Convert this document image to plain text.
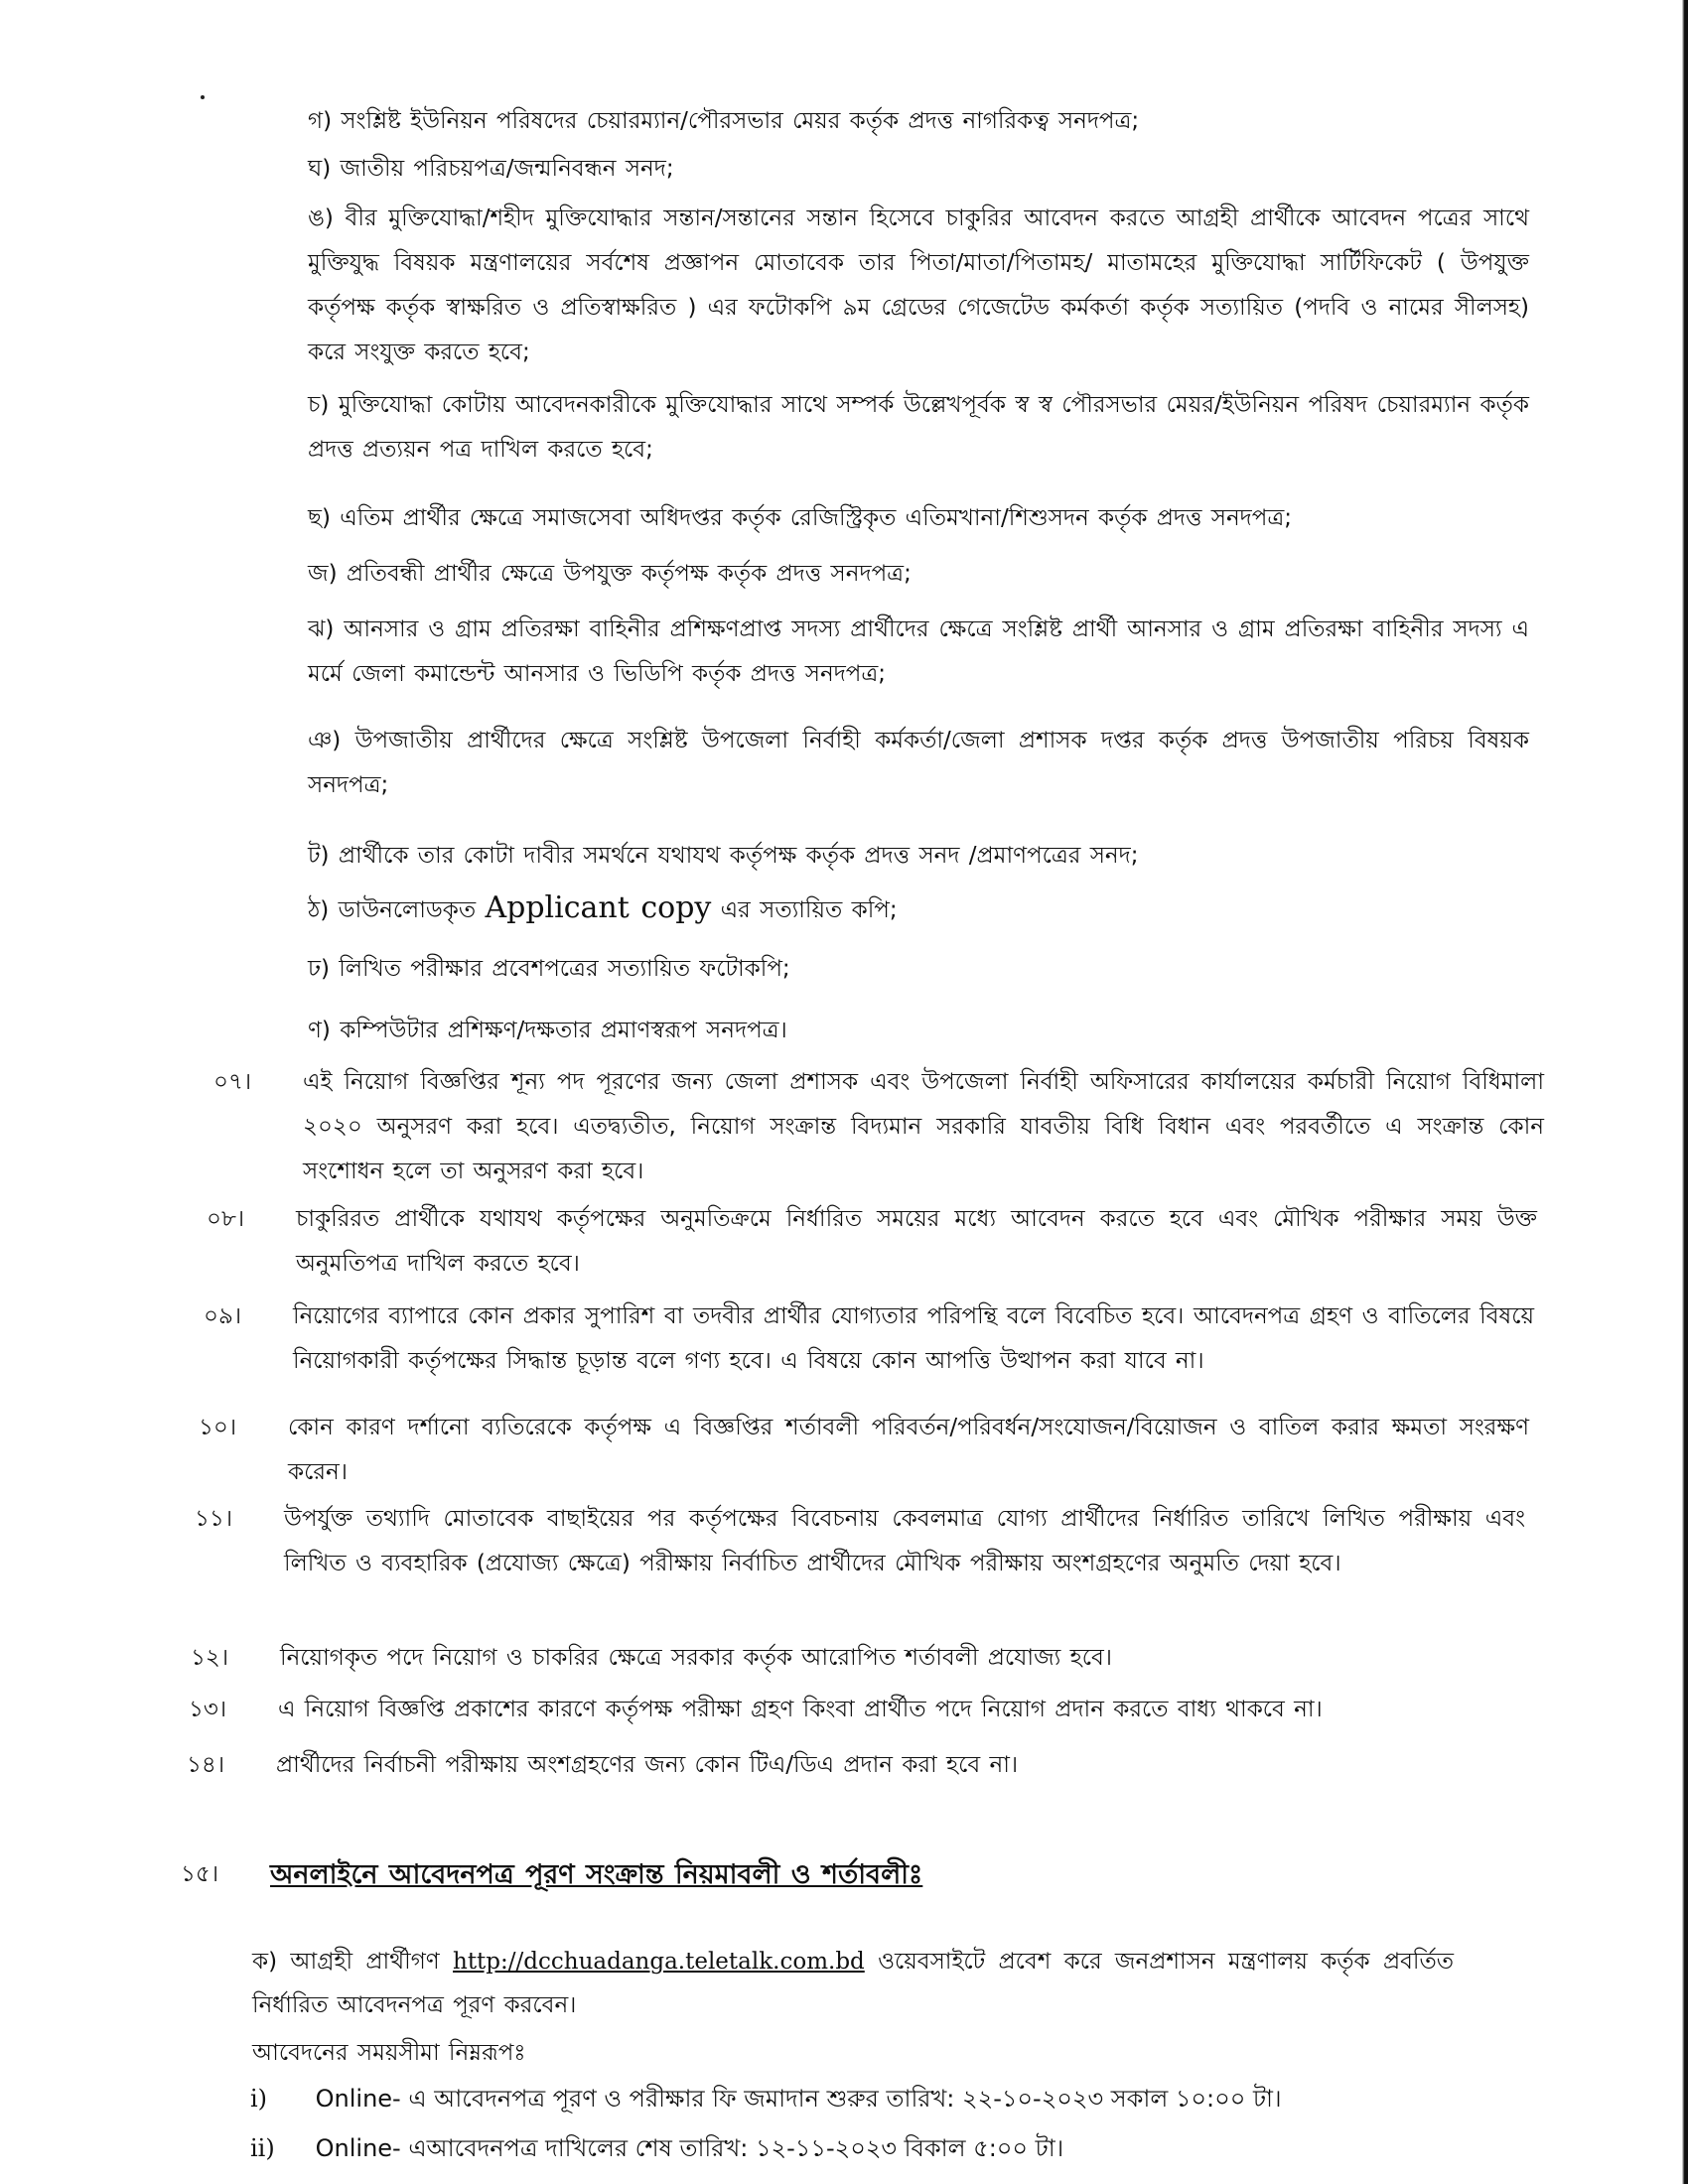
গ) সংশ্লিষ্ট ইউনিয়ন পরিষদের চেয়ারম্যান/পৌরসভার মেয়র কর্তৃক প্রদত্ত নাগরিকত্ব সনদপত্র;
ঘ) জাতীয় পরিচয়পত্র/জন্মনিবন্ধন সনদ;
ঙ) বীর মুক্তিযোদ্ধা/শহীদ মুক্তিযোদ্ধার সন্তান/সন্তানের সন্তান হিসেবে চাকুরির আবেদন করতে আগ্রহী প্রার্থীকে আবেদন পত্রের সাথে মুক্তিযুদ্ধ বিষয়ক মন্ত্রণালয়ের সর্বশেষ প্রজ্ঞাপন মোতাবেক তার পিতা/মাতা/পিতামহ/ মাতামহের মুক্তিযোদ্ধা সার্টিফিকেট ( উপযুক্ত কর্তৃপক্ষ কর্তৃক স্বাক্ষরিত ও প্রতিস্বাক্ষরিত ) এর ফটোকপি ৯ম গ্রেডের গেজেটেড কর্মকর্তা কর্তৃক সত্যায়িত (পদবি ও নামের সীলসহ) করে সংযুক্ত করতে হবে;
চ) মুক্তিযোদ্ধা কোটায় আবেদনকারীকে মুক্তিযোদ্ধার সাথে সম্পর্ক উল্লেখপূর্বক স্ব স্ব পৌরসভার মেয়র/ইউনিয়ন পরিষদ চেয়ারম্যান কর্তৃক প্রদত্ত প্রত্যয়ন পত্র দাখিল করতে হবে;
ছ) এতিম প্রার্থীর ক্ষেত্রে সমাজসেবা অধিদপ্তর কর্তৃক রেজিস্ট্রিকৃত এতিমখানা/শিশুসদন কর্তৃক প্রদত্ত সনদপত্র;
জ) প্রতিবন্ধী প্রার্থীর ক্ষেত্রে উপযুক্ত কর্তৃপক্ষ কর্তৃক প্রদত্ত সনদপত্র;
ঝ) আনসার ও গ্রাম প্রতিরক্ষা বাহিনীর প্রশিক্ষণপ্রাপ্ত সদস্য প্রার্থীদের ক্ষেত্রে সংশ্লিষ্ট প্রার্থী আনসার ও গ্রাম প্রতিরক্ষা বাহিনীর সদস্য এ মর্মে জেলা কমান্ডেন্ট আনসার ও ভিডিপি কর্তৃক প্রদত্ত সনদপত্র;
ঞ) উপজাতীয় প্রার্থীদের ক্ষেত্রে সংশ্লিষ্ট উপজেলা নির্বাহী কর্মকর্তা/জেলা প্রশাসক দপ্তর কর্তৃক প্রদত্ত উপজাতীয় পরিচয় বিষয়ক সনদপত্র;
ট) প্রার্থীকে তার কোটা দাবীর সমর্থনে যথাযথ কর্তৃপক্ষ কর্তৃক প্রদত্ত সনদ /প্রমাণপত্রের সনদ;
ঠ) ডাউনলোডকৃত Applicant copy এর সত্যায়িত কপি;
ঢ) লিখিত পরীক্ষার প্রবেশপত্রের সত্যায়িত ফটোকপি;
ণ) কম্পিউটার প্রশিক্ষণ/দক্ষতার প্রমাণস্বরূপ সনদপত্র।
০৭।	এই নিয়োগ বিজ্ঞপ্তির শূন্য পদ পূরণের জন্য জেলা প্রশাসক এবং উপজেলা নির্বাহী অফিসারের কার্যালয়ের কর্মচারী নিয়োগ বিধিমালা ২০২০ অনুসরণ করা হবে। এতদ্ব্যতীত, নিয়োগ সংক্রান্ত বিদ্যমান সরকারি যাবতীয় বিধি বিধান এবং পরবর্তীতে এ সংক্রান্ত কোন সংশোধন হলে তা অনুসরণ করা হবে।
০৮।	চাকুরিরত প্রার্থীকে যথাযথ কর্তৃপক্ষের অনুমতিক্রমে নির্ধারিত সময়ের মধ্যে আবেদন করতে হবে এবং মৌখিক পরীক্ষার সময় উক্ত অনুমতিপত্র দাখিল করতে হবে।
০৯।	নিয়োগের ব্যাপারে কোন প্রকার সুপারিশ বা তদবীর প্রার্থীর যোগ্যতার পরিপন্থি বলে বিবেচিত হবে। আবেদনপত্র গ্রহণ ও বাতিলের বিষয়ে নিয়োগকারী কর্তৃপক্ষের সিদ্ধান্ত চূড়ান্ত বলে গণ্য হবে। এ বিষয়ে কোন আপত্তি উত্থাপন করা যাবে না।
১০।	কোন কারণ দর্শানো ব্যতিরেকে কর্তৃপক্ষ এ বিজ্ঞপ্তির শর্তাবলী পরিবর্তন/পরিবর্ধন/সংযোজন/বিয়োজন ও বাতিল করার ক্ষমতা সংরক্ষণ করেন।
১১।	উপর্যুক্ত তথ্যাদি মোতাবেক বাছাইয়ের পর কর্তৃপক্ষের বিবেচনায় কেবলমাত্র যোগ্য প্রার্থীদের নির্ধারিত তারিখে লিখিত পরীক্ষায় এবং লিখিত ও ব্যবহারিক (প্রযোজ্য ক্ষেত্রে) পরীক্ষায় নির্বাচিত প্রার্থীদের মৌখিক পরীক্ষায় অংশগ্রহণের অনুমতি দেয়া হবে।
১২।	নিয়োগকৃত পদে নিয়োগ ও চাকরির ক্ষেত্রে সরকার কর্তৃক আরোপিত শর্তাবলী প্রযোজ্য হবে।
১৩।	এ নিয়োগ বিজ্ঞপ্তি প্রকাশের কারণে কর্তৃপক্ষ পরীক্ষা গ্রহণ কিংবা প্রার্থীত পদে নিয়োগ প্রদান করতে বাধ্য থাকবে না।
১৪।	প্রার্থীদের নির্বাচনী পরীক্ষায় অংশগ্রহণের জন্য কোন টিএ/ডিএ প্রদান করা হবে না।
১৫।	অনলাইনে আবেদনপত্র পূরণ সংক্রান্ত নিয়মাবলী ও শর্তাবলীঃ
ক) আগ্রহী প্রার্থীগণ http://dcchuadanga.teletalk.com.bd ওয়েবসাইটে প্রবেশ করে জনপ্রশাসন মন্ত্রণালয় কর্তৃক প্রবর্তিত নির্ধারিত আবেদনপত্র পূরণ করবেন।
আবেদনের সময়সীমা নিম্নরূপঃ
i) Online- এ আবেদনপত্র পূরণ ও পরীক্ষার ফি জমাদান শুরুর তারিখ: ২২-১০-২০২৩ সকাল ১০:০০ টা।
ii) Online- এআবেদনপত্র দাখিলের শেষ তারিখ: ১২-১১-২০২৩ বিকাল ৫:০০ টা।
